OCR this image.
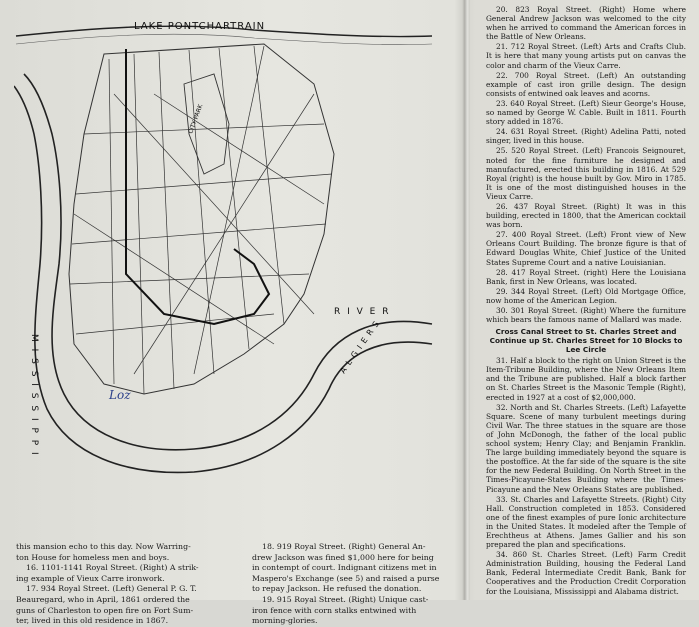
LAKE PONTCHARTRAIN
CITY PARK
R I V E R
A L G I E R S
M I S S I S S I P P I	Loz

this mansion echo to this day. Now Warring-

ton House for homeless men and boys.

16. 1101-1141 Royal Street. (Right) A strik-

ing example of Vieux Carre ironwork.

17. 934 Royal Street. (Left) General P. G. T.

Beauregard, who in April, 1861 ordered the

guns of Charleston to open fire on Fort Sum-

ter, lived in this old residence in 1867.

18. 919 Royal Street. (Right) General An-

drew Jackson was fined $1,000 here for being

in contempt of court. Indignant citizens met in

Maspero's Exchange (see 5) and raised a purse

to repay Jackson. He refused the donation.

19. 915 Royal Street. (Right) Unique cast-

iron fence with corn stalks entwined with

morning-glories.

20. 823 Royal Street. (Right) Home where General Andrew Jackson was welcomed to the city when he arrived to command the American forces in the Battle of New Orleans.

21. 712 Royal Street. (Left) Arts and Crafts Club. It is here that many young artists put on canvas the color and charm of the Vieux Carre.

22. 700 Royal Street. (Left) An outstanding example of cast iron grille design. The design consists of entwined oak leaves and acorns.

23. 640 Royal Street. (Left) Sieur George's House, so named by George W. Cable. Built in 1811. Fourth story added in 1876.

24. 631 Royal Street. (Right) Adelina Patti, noted singer, lived in this house.

25. 520 Royal Street. (Left) Francois Seignouret, noted for the fine furniture he designed and manufactured, erected this building in 1816. At 529 Royal (right) is the house built by Gov. Miro in 1785. It is one of the most distinguished houses in the Vieux Carre.

26. 437 Royal Street. (Right) It was in this building, erected in 1800, that the American cocktail was born.

27. 400 Royal Street. (Left) Front view of New Orleans Court Building. The bronze figure is that of Edward Douglas White, Chief Justice of the United States Supreme Court and a native Louisianian.

28. 417 Royal Street. (right) Here the Louisiana Bank, first in New Orleans, was located.

29. 344 Royal Street. (Left) Old Mortgage Office, now home of the American Legion.

30. 301 Royal Street. (Right) Where the furniture which bears the famous name of Mallard was made.

Cross Canal Street to St. Charles Street and Continue up St. Charles Street for 10 Blocks to Lee Circle

31. Half a block to the right on Union Street is the Item-Tribune Building, where the New Orleans Item and the Tribune are published. Half a block farther on St. Charles Street is the Masonic Temple (Right), erected in 1927 at a cost of $2,000,000.

32. North and St. Charles Streets. (Left) Lafayette Square. Scene of many turbulent meetings during Civil War. The three statues in the square are those of John McDonogh, the father of the local public school system; Henry Clay; and Benjamin Franklin. The large building immediately beyond the square is the postoffice. At the far side of the square is the site for the new Federal Building. On North Street in the Times-Picayune-States Building where the Times-Picayune and the New Orleans States are published.

33. St. Charles and Lafayette Streets. (Right) City Hall. Construction completed in 1853. Considered one of the finest examples of pure Ionic architecture in the United States. It modeled after the Temple of Erechtheus at Athens. James Gallier and his son prepared the plan and specifications.

34. 860 St. Charles Street. (Left) Farm Credit Administration Building, housing the Federal Land Bank, Federal Intermediate Credit Bank, Bank for Cooperatives and the Production Credit Corporation for the Louisiana, Mississippi and Alabama district.
